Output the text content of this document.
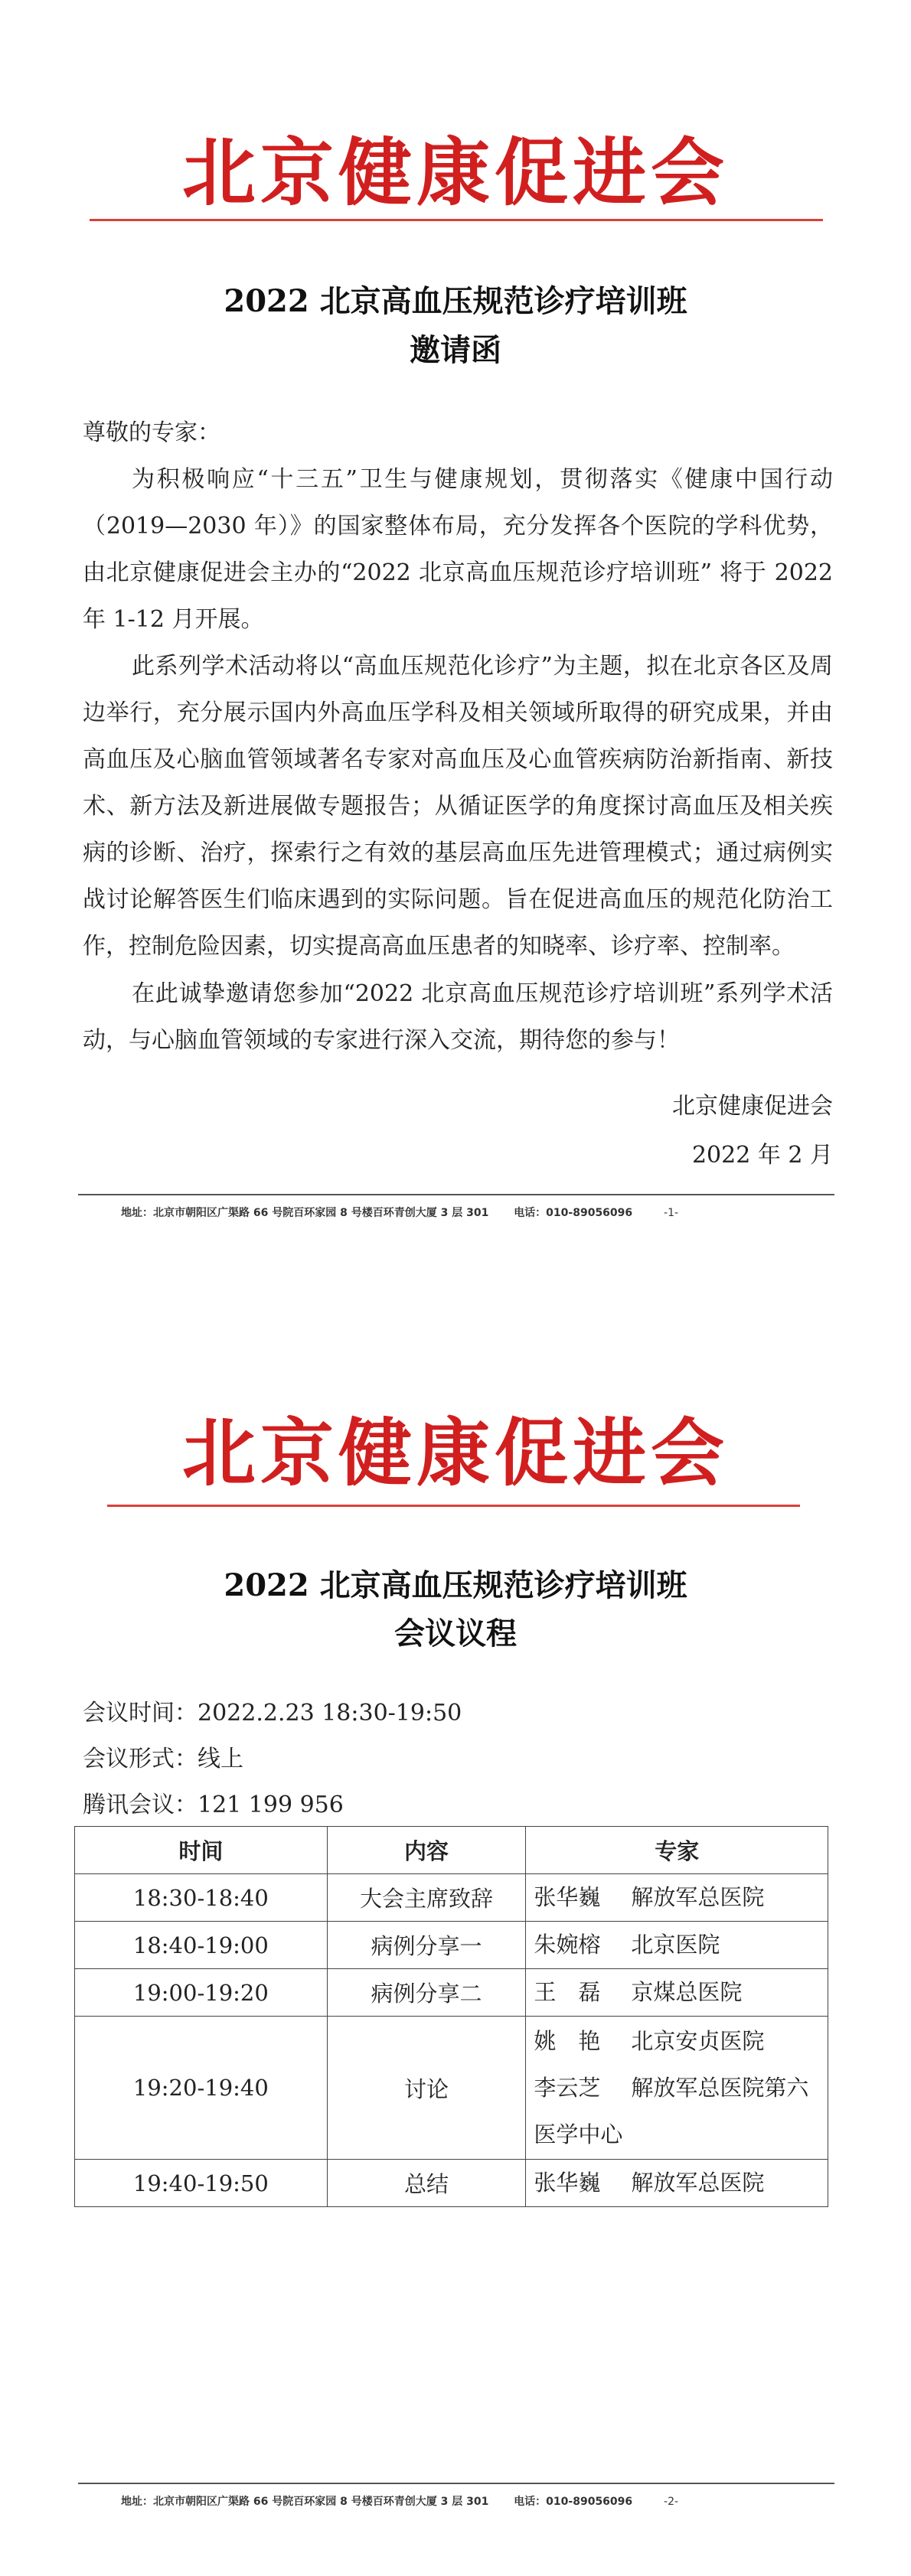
北京健康促进会
2022 北京高血压规范诊疗培训班
邀请函

尊敬的专家：

为积极响应“十三五”卫生与健康规划，贯彻落实《健康中国行动（2019—2030 年）》的国家整体布局，充分发挥各个医院的学科优势，由北京健康促进会主办的“2022 北京高血压规范诊疗培训班” 将于 2022 年 1-12 月开展。

此系列学术活动将以“高血压规范化诊疗”为主题，拟在北京各区及周边举行，充分展示国内外高血压学科及相关领域所取得的研究成果，并由高血压及心脑血管领域著名专家对高血压及心血管疾病防治新指南、新技术、新方法及新进展做专题报告；从循证医学的角度探讨高血压及相关疾病的诊断、治疗，探索行之有效的基层高血压先进管理模式；通过病例实战讨论解答医生们临床遇到的实际问题。旨在促进高血压的规范化防治工作，控制危险因素，切实提高高血压患者的知晓率、诊疗率、控制率。

在此诚挚邀请您参加“2022 北京高血压规范诊疗培训班”系列学术活动，与心脑血管领域的专家进行深入交流，期待您的参与！

北京健康促进会
2022 年 2 月
地址：北京市朝阳区广渠路 66 号院百环家园 8 号楼百环青创大厦 3 层 301 电话：010-89056096	-1-
北京健康促进会
2022 北京高血压规范诊疗培训班
会议议程
会议时间：2022.2.23 18:30-19:50
会议形式：线上
腾讯会议：121 199 956
时间	内容	专家
18:30-18:40	大会主席致辞	张华巍 解放军总医院
18:40-19:00	病例分享一	朱婉榕 北京医院
19:00-19:20	病例分享二	王　磊 京煤总医院
19:20-19:40	讨论	姚　艳 北京安贞医院
李云芝 解放军总医院第六医学中心

19:40-19:50	总结	张华巍 解放军总医院
地址：北京市朝阳区广渠路 66 号院百环家园 8 号楼百环青创大厦 3 层 301 电话：010-89056096	-2-
